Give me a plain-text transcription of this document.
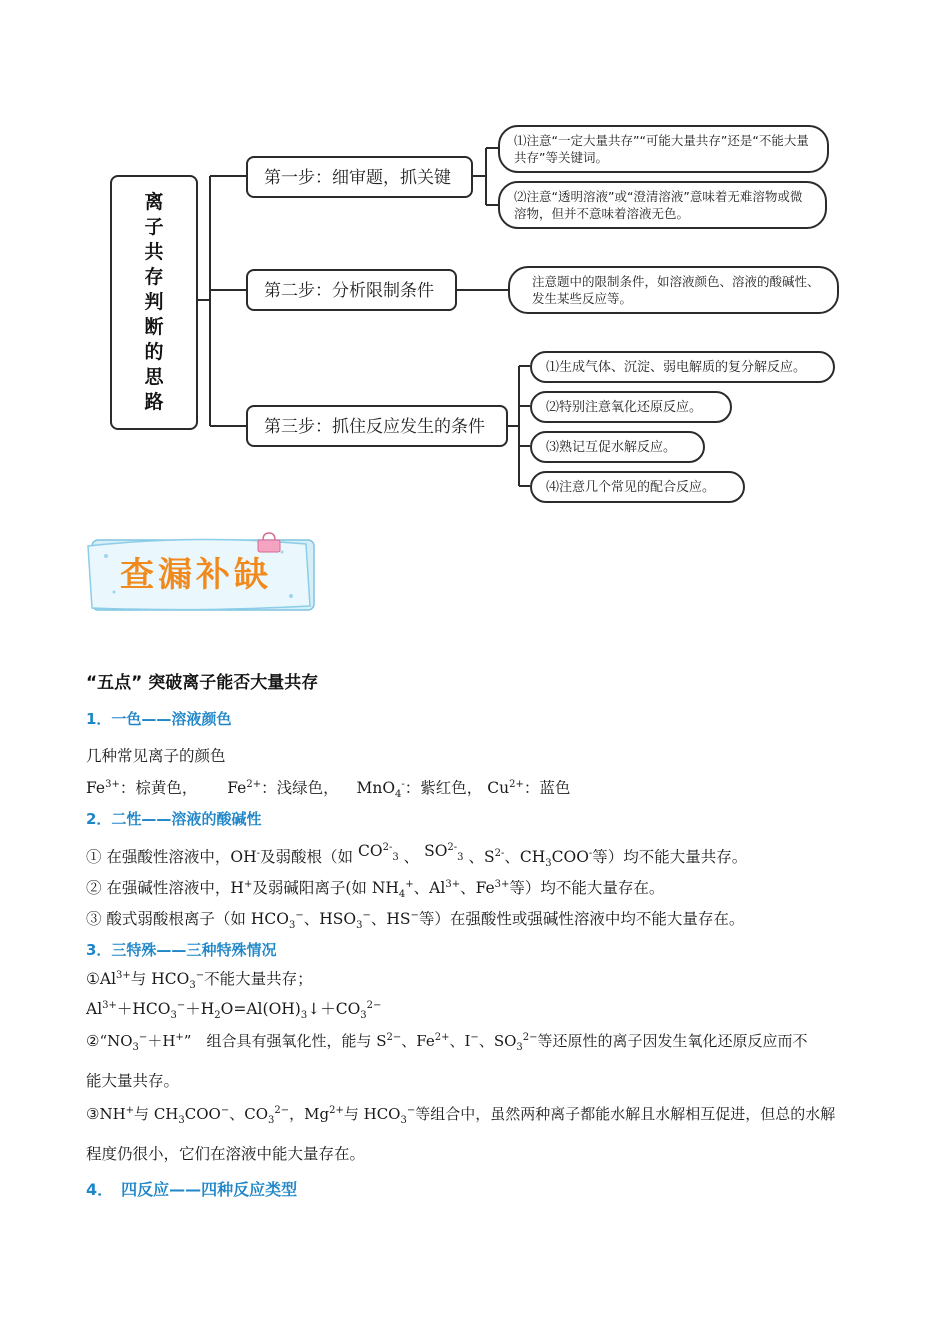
离
子
共
存
判
断
的
思
路
第一步：细审题，抓关键
第二步：分析限制条件
第三步：抓住反应发生的条件
⑴注意“一定大量共存”“可能大量共存”还是“不能大量共存”等关键词。
⑵注意“透明溶液”或“澄清溶液”意味着无难溶物或微溶物，但并不意味着溶液无色。
注意题中的限制条件，如溶液颜色、溶液的酸碱性、发生某些反应等。
⑴生成气体、沉淀、弱电解质的复分解反应。
⑵特别注意氧化还原反应。
⑶熟记互促水解反应。
⑷注意几个常见的配合反应。
查漏补缺
“五点” 突破离子能否大量共存
1．一色——溶液颜色
几种常见离子的颜色
$Fe^{3+}$：棕黄色， $Fe^{2+}$：浅绿色， MnO$_4$-：紫红色， $Cu^{2+}$：蓝色
2．二性——溶液的酸碱性
① 在强酸性溶液中，OH-及弱酸根（如 $CO^{2-}_3$ 、 $SO^{2-}_3$ 、$S^{2-}$、$CH_3COO^-$等）均不能大量共存。
② 在强碱性溶液中，H+及弱碱阳离子(如 $NH_4^+$、$Al^{3+}$、$Fe^{3+}$等）均不能大量存在。
③ 酸式弱酸根离子（如 $HCO_3^-$、$HSO_3^-$、HS−等）在强酸性或强碱性溶液中均不能大量存在。
3．三特殊——三种特殊情况
$①Al^{3+}$与 $HCO_3^-$不能大量共存；
$Al^{3+}+HCO_3^-+H_2O=Al(OH)_3↓+CO_3^{2-}$
$②“NO_3^-+H^+$”　组合具有强氧化性，能与 $S^{2-}$、$Fe^{2+}$、I−、$SO_3^{2-}$等还原性的离子因发生氧化还原反应而不
能大量共存。
③NH+与 $CH_3COO^-$、$CO_3^{2-}$，$Mg^{2+}$与 $HCO_3^-$等组合中，虽然两种离子都能水解且水解相互促进，但总的水解
程度仍很小，它们在溶液中能大量存在。
4．　四反应——四种反应类型
